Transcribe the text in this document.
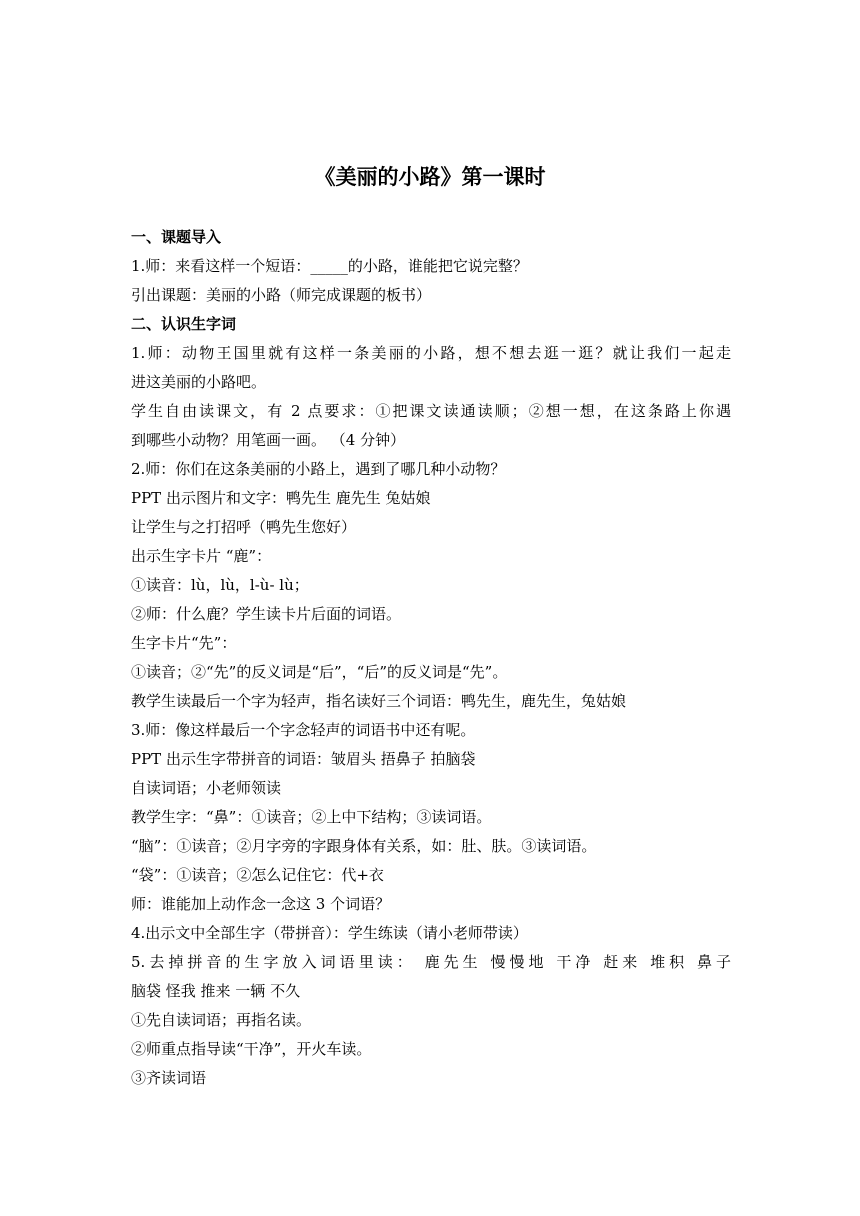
《美丽的小路》第一课时
一、课题导入
1.师：来看这样一个短语：_____的小路，谁能把它说完整？
引出课题：美丽的小路（师完成课题的板书）
二、认识生字词
1.师：动物王国里就有这样一条美丽的小路，想不想去逛一逛？就让我们一起走
进这美丽的小路吧。
学生自由读课文，有 2 点要求：①把课文读通读顺；②想一想，在这条路上你遇
到哪些小动物？用笔画一画。 （4 分钟）
2.师：你们在这条美丽的小路上，遇到了哪几种小动物？
PPT 出示图片和文字：鸭先生 鹿先生 兔姑娘
让学生与之打招呼（鸭先生您好）
出示生字卡片 “鹿”：
①读音：lù，lù，l-ù- lù；
②师：什么鹿？学生读卡片后面的词语。
生字卡片“先”：
①读音；②“先”的反义词是“后”，“后”的反义词是“先”。
教学生读最后一个字为轻声，指名读好三个词语：鸭先生，鹿先生，兔姑娘
3.师：像这样最后一个字念轻声的词语书中还有呢。
PPT 出示生字带拼音的词语：皱眉头 捂鼻子 拍脑袋
自读词语；小老师领读
教学生字：“鼻”：①读音；②上中下结构；③读词语。
“脑”：①读音；②月字旁的字跟身体有关系，如：肚、肤。③读词语。
“袋”：①读音；②怎么记住它：代+衣
师：谁能加上动作念一念这 3 个词语？
4.出示文中全部生字（带拼音）：学生练读（请小老师带读）
5.去掉拼音的生字放入词语里读： 鹿先生 慢慢地 干净 赶来 堆积 鼻子
脑袋 怪我 推来 一辆 不久
①先自读词语；再指名读。
②师重点指导读“干净”，开火车读。
③齐读词语
